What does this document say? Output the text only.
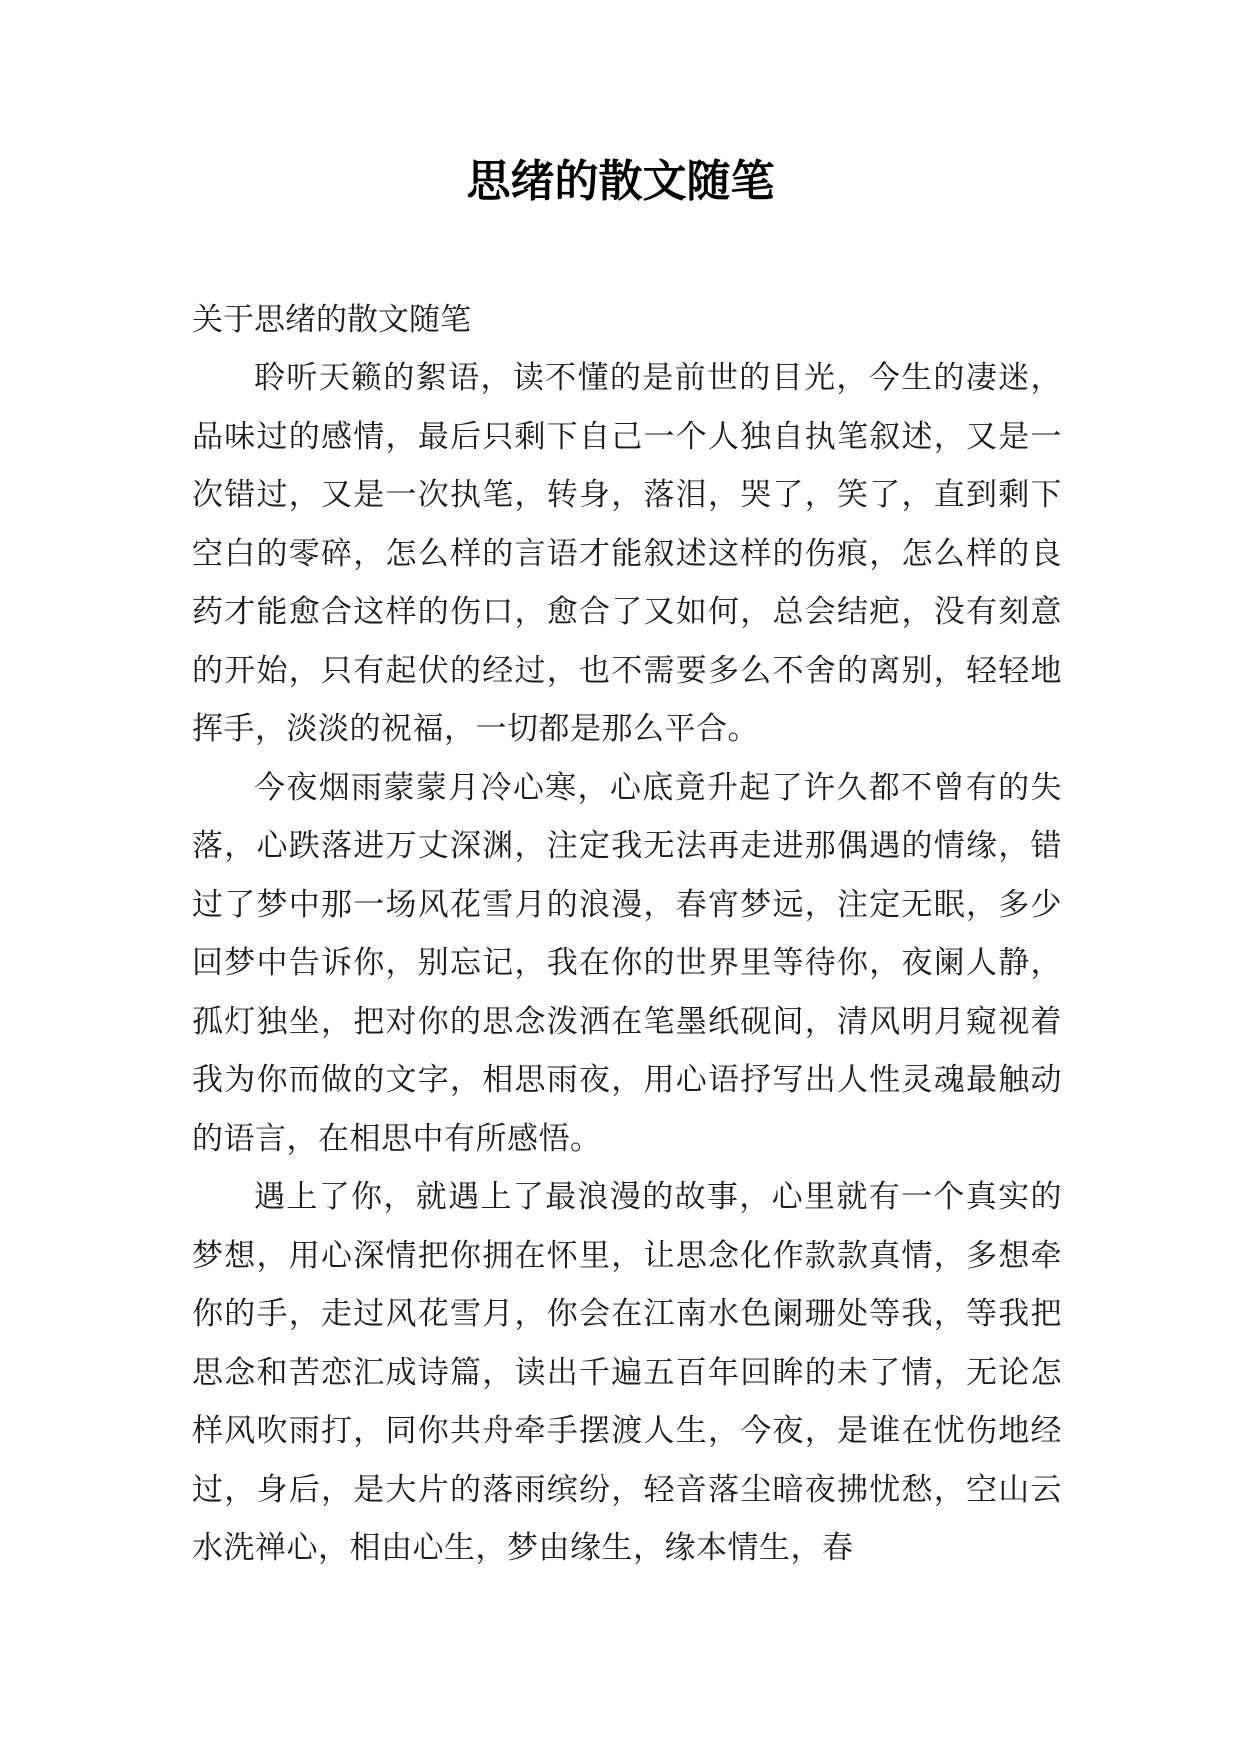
思绪的散文随笔

关于思绪的散文随笔

聆听天籁的絮语，读不懂的是前世的目光，今生的凄迷，品味过的感情，最后只剩下自己一个人独自执笔叙述，又是一次错过，又是一次执笔，转身，落泪，哭了，笑了，直到剩下空白的零碎，怎么样的言语才能叙述这样的伤痕，怎么样的良药才能愈合这样的伤口，愈合了又如何，总会结疤，没有刻意的开始，只有起伏的经过，也不需要多么不舍的离别，轻轻地挥手，淡淡的祝福，一切都是那么平合。

今夜烟雨蒙蒙月冷心寒，心底竟升起了许久都不曾有的失落，心跌落进万丈深渊，注定我无法再走进那偶遇的情缘，错过了梦中那一场风花雪月的浪漫，春宵梦远，注定无眠，多少回梦中告诉你，别忘记，我在你的世界里等待你，夜阑人静，孤灯独坐，把对你的思念泼洒在笔墨纸砚间，清风明月窥视着我为你而做的文字，相思雨夜，用心语抒写出人性灵魂最触动的语言，在相思中有所感悟。

遇上了你，就遇上了最浪漫的故事，心里就有一个真实的梦想，用心深情把你拥在怀里，让思念化作款款真情，多想牵你的手，走过风花雪月，你会在江南水色阑珊处等我，等我把思念和苦恋汇成诗篇，读出千遍五百年回眸的未了情，无论怎样风吹雨打，同你共舟牵手摆渡人生，今夜，是谁在忧伤地经过，身后，是大片的落雨缤纷，轻音落尘暗夜拂忧愁，空山云水洗禅心，相由心生，梦由缘生，缘本情生，春
